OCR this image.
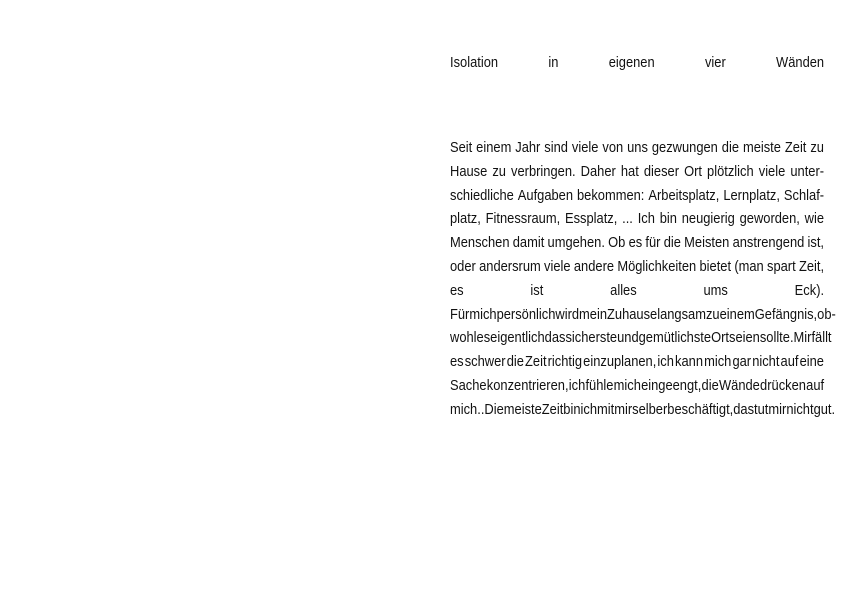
Isolation	in	eigenen	vier	Wänden
Seit einem Jahr sind viele von uns gezwungen die meiste Zeit zu
Hause zu verbringen. Daher hat dieser Ort plötzlich viele unter-
schiedliche Aufgaben bekommen: Arbeitsplatz, Lernplatz, Schlaf-
platz, Fitnessraum, Essplatz, ... Ich bin neugierig geworden, wie
Menschen damit umgehen. Ob es für die Meisten anstrengend ist,
oder andersrum viele andere Möglichkeiten bietet (man spart Zeit,
es	ist	alles	ums	Eck).
Für mich persönlich wird mein Zuhause langsam zu einem Gefängnis, ob-
wohl es eigentlich das sicherste und gemütlichste Ort seien sollte. Mir fällt
es schwer die Zeit richtig einzuplanen, ich kann mich gar nicht auf eine
Sache konzentrieren, ich fühle mich eingeengt, die Wände drücken auf
mich.. Die meiste Zeit bin ich mit mir selber beschäftigt, das tut mir nicht gut.
